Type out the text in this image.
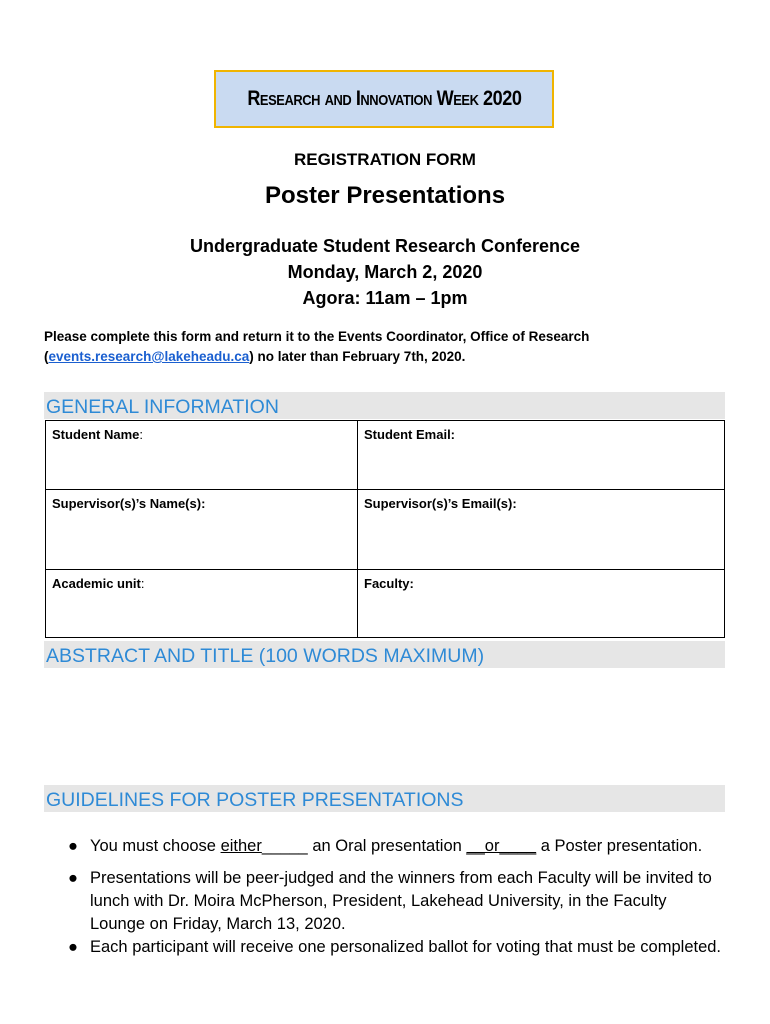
Research and Innovation Week 2020
REGISTRATION FORM
Poster Presentations
Undergraduate Student Research Conference
Monday, March 2, 2020
Agora: 11am – 1pm
Please complete this form and return it to the Events Coordinator, Office of Research (events.research@lakeheadu.ca) no later than February 7th, 2020.
GENERAL INFORMATION
Student Name:	Student Email:
Supervisor(s)’s Name(s):	Supervisor(s)’s Email(s):
Academic unit:	Faculty:
ABSTRACT AND TITLE (100 WORDS MAXIMUM)
GUIDELINES FOR POSTER PRESENTATIONS
● You must choose either_____ an Oral presentation __or____ a Poster presentation.
● Presentations will be peer-judged and the winners from each Faculty will be invited to lunch with Dr. Moira McPherson, President, Lakehead University, in the Faculty Lounge on Friday, March 13, 2020.
● Each participant will receive one personalized ballot for voting that must be completed.
